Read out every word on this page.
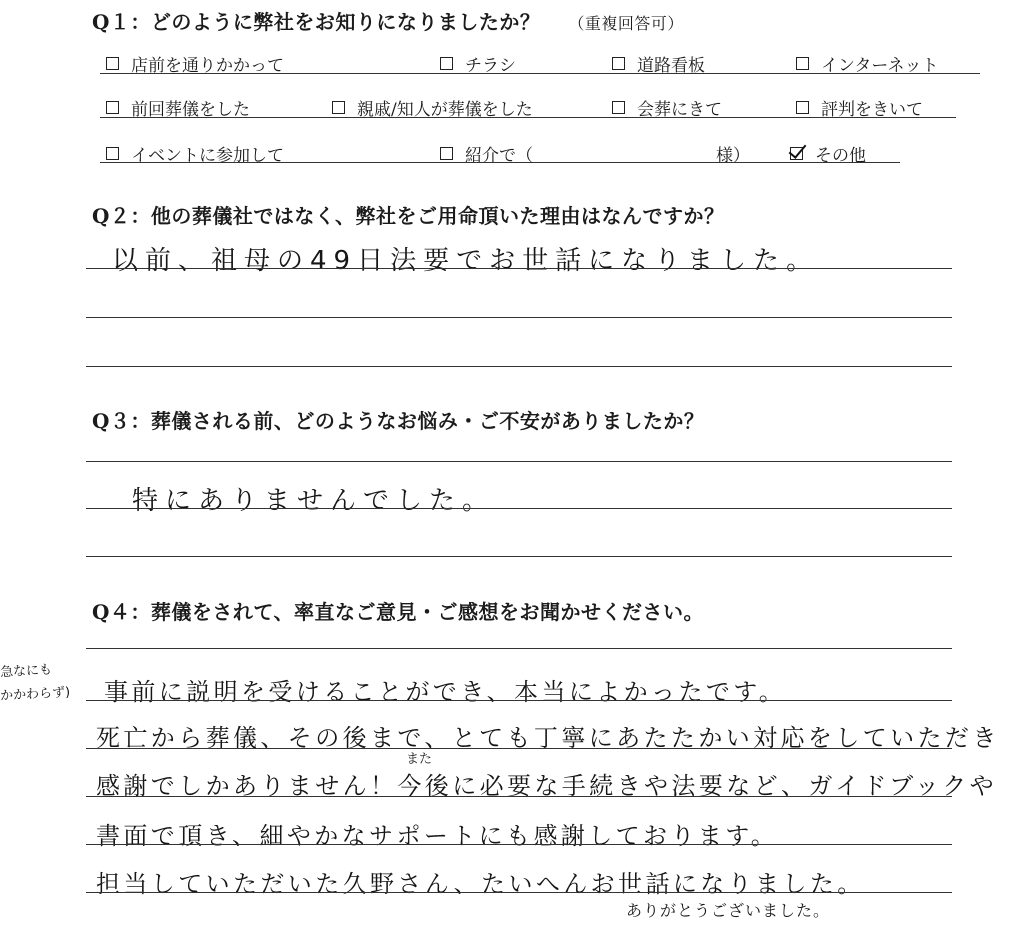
Q１：どのように弊社をお知りになりましたか？ （重複回答可）
店前を通りかかって	チラシ	道路看板	インターネット
前回葬儀をした	親戚/知人が葬儀をした	会葬にきて	評判をきいて
イベントに参加して	紹介で（	様）	その他
Q２：他の葬儀社ではなく、弊社をご用命頂いた理由はなんですか？
以前、祖母の49日法要でお世話になりました。
Q３：葬儀される前、どのようなお悩み・ご不安がありましたか？
特にありませんでした。
Q４：葬儀をされて、率直なご意見・ご感想をお聞かせください。
急なにも
かかわらず) 事前に説明を受けることができ、本当によかったです。
死亡から葬儀、その後まで、とても丁寧にあたたかい対応をしていただき
また
感謝でしかありません！今後に必要な手続きや法要など、ガイドブックや
書面で頂き、細やかなサポートにも感謝しております。
担当していただいた久野さん、たいへんお世話になりました。
ありがとうございました。
